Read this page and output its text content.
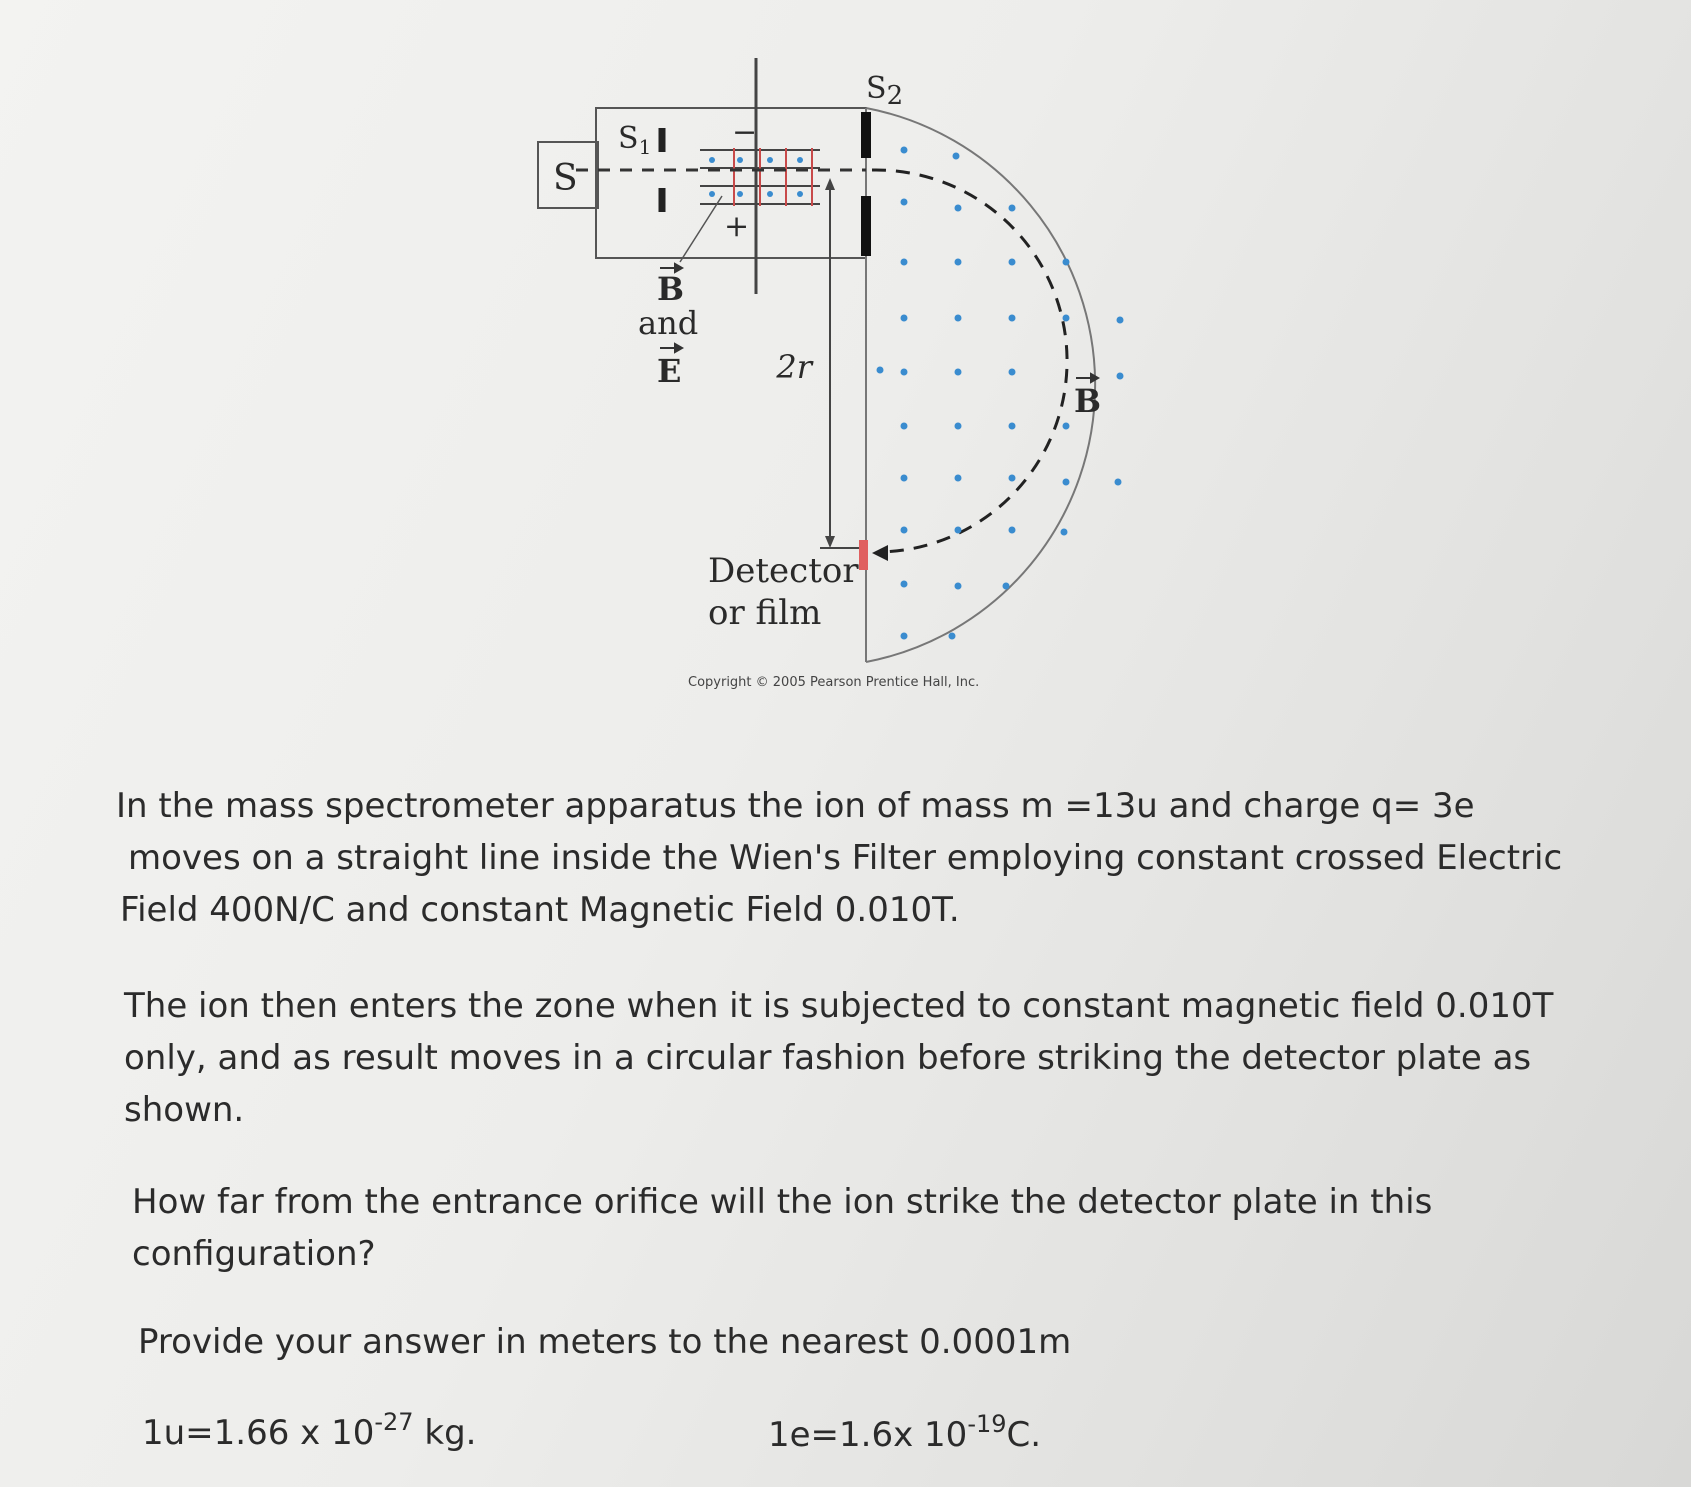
S
$S_1$
S2
−
+
B
and
E	2r
B
Detector
or film
Copyright © 2005 Pearson Prentice Hall, Inc.
In the mass spectrometer apparatus the ion of mass m =13u and charge q= 3e
moves on a straight line inside the Wien's Filter employing constant crossed Electric
Field 400N/C and constant Magnetic Field 0.010T.
The ion then enters the zone when it is subjected to constant magnetic field 0.010T
only, and as result moves in a circular fashion before striking the detector plate as
shown.
How far from the entrance orifice will the ion strike the detector plate in this
configuration?
Provide your answer in meters to the nearest 0.0001m
1u=1.66 x $10^{-27}$ kg.	1e=1.6x $10^{-19}C$.
